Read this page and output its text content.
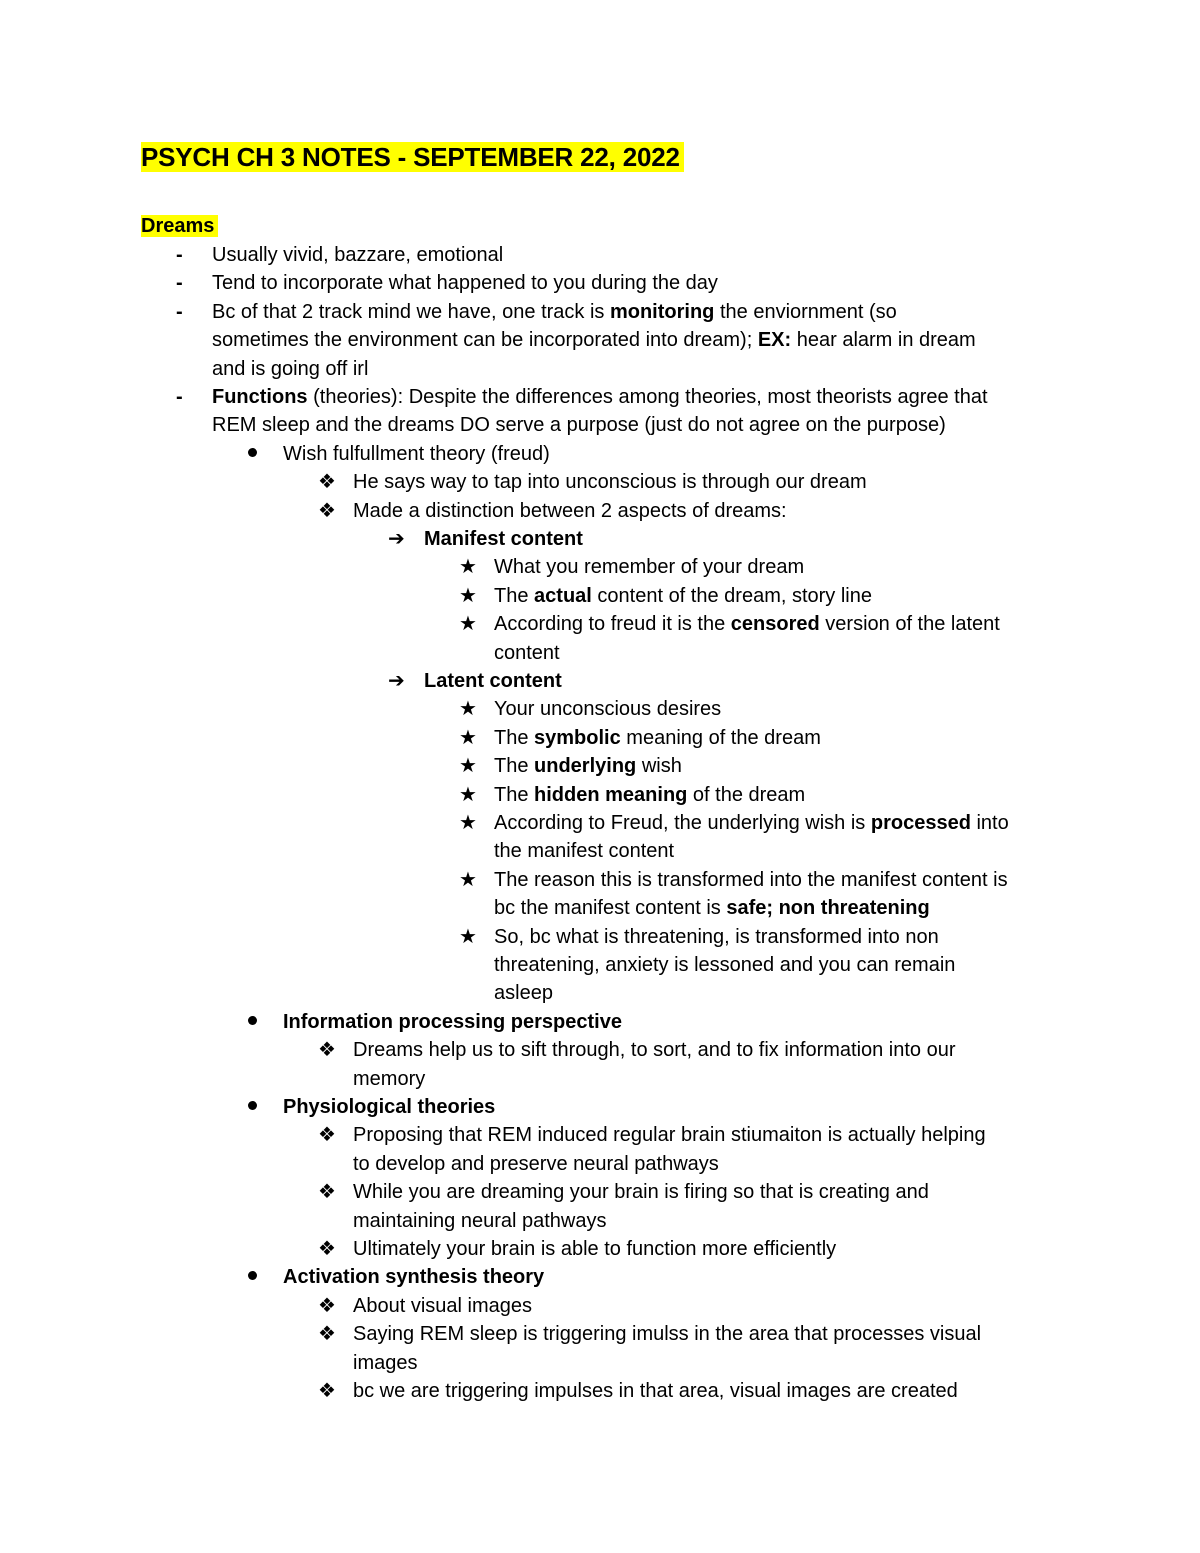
PSYCH CH 3 NOTES - SEPTEMBER 22, 2022
Dreams
- Usually vivid, bazzare, emotional
- Tend to incorporate what happened to you during the day
- Bc of that 2 track mind we have, one track is monitoring the enviornment (so
sometimes the environment can be incorporated into dream); EX: hear alarm in dream
and is going off irl
- Functions (theories): Despite the differences among theories, most theorists agree that
REM sleep and the dreams DO serve a purpose (just do not agree on the purpose)
Wish fulfullment theory (freud)
❖ He says way to tap into unconscious is through our dream
❖ Made a distinction between 2 aspects of dreams:
➔ Manifest content
★ What you remember of your dream
★ The actual content of the dream, story line
★ According to freud it is the censored version of the latent
content
➔ Latent content
★ Your unconscious desires
★ The symbolic meaning of the dream
★ The underlying wish
★ The hidden meaning of the dream
★ According to Freud, the underlying wish is processed into
the manifest content
★ The reason this is transformed into the manifest content is
bc the manifest content is safe; non threatening
★ So, bc what is threatening, is transformed into non
threatening, anxiety is lessoned and you can remain
asleep
Information processing perspective
❖ Dreams help us to sift through, to sort, and to fix information into our
memory
Physiological theories
❖ Proposing that REM induced regular brain stiumaiton is actually helping
to develop and preserve neural pathways
❖ While you are dreaming your brain is firing so that is creating and
maintaining neural pathways
❖ Ultimately your brain is able to function more efficiently
Activation synthesis theory
❖ About visual images
❖ Saying REM sleep is triggering imulss in the area that processes visual
images
❖ bc we are triggering impulses in that area, visual images are created
